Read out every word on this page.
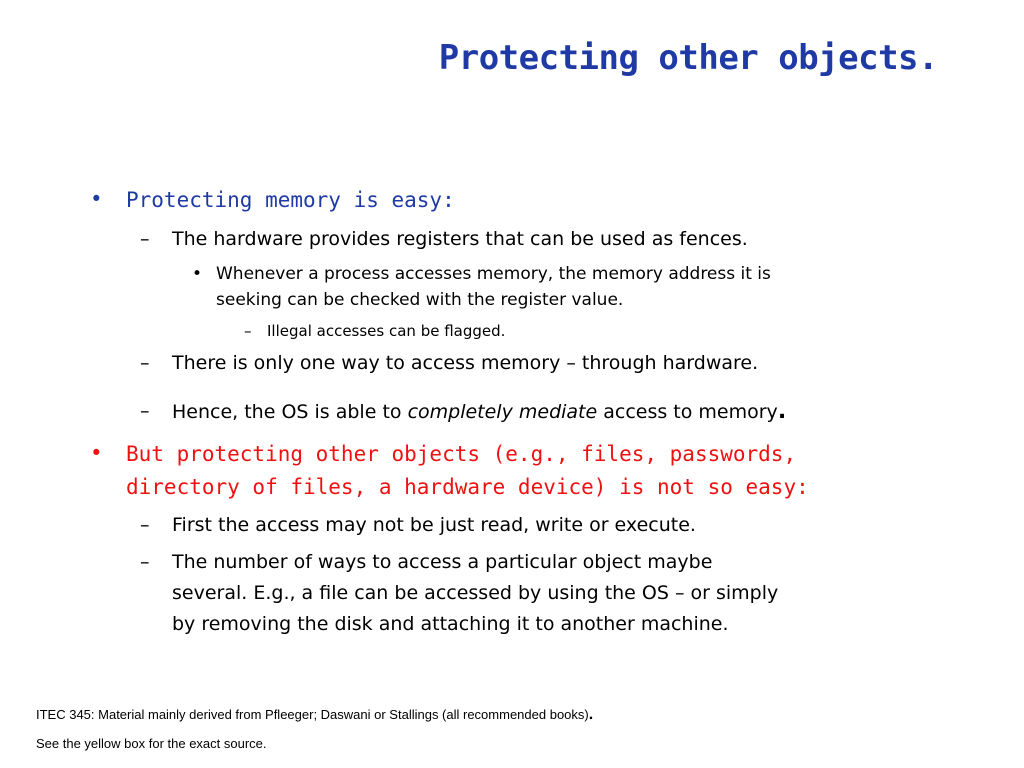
Protecting other objects.
• Protecting memory is easy:
– The hardware provides registers that can be used as fences.
• Whenever a process accesses memory, the memory address it is
seeking can be checked with the register value.
– Illegal accesses can be flagged.
– There is only one way to access memory – through hardware.
– Hence, the OS is able to completely mediate access to memory.
• But protecting other objects (e.g., files, passwords,
directory of files, a hardware device) is not so easy:
– First the access may not be just read, write or execute.
– The number of ways to access a particular object maybe
several. E.g., a file can be accessed by using the OS – or simply
by removing the disk and attaching it to another machine.
ITEC 345: Material mainly derived from Pfleeger; Daswani or Stallings (all recommended books).
See the yellow box for the exact source.
